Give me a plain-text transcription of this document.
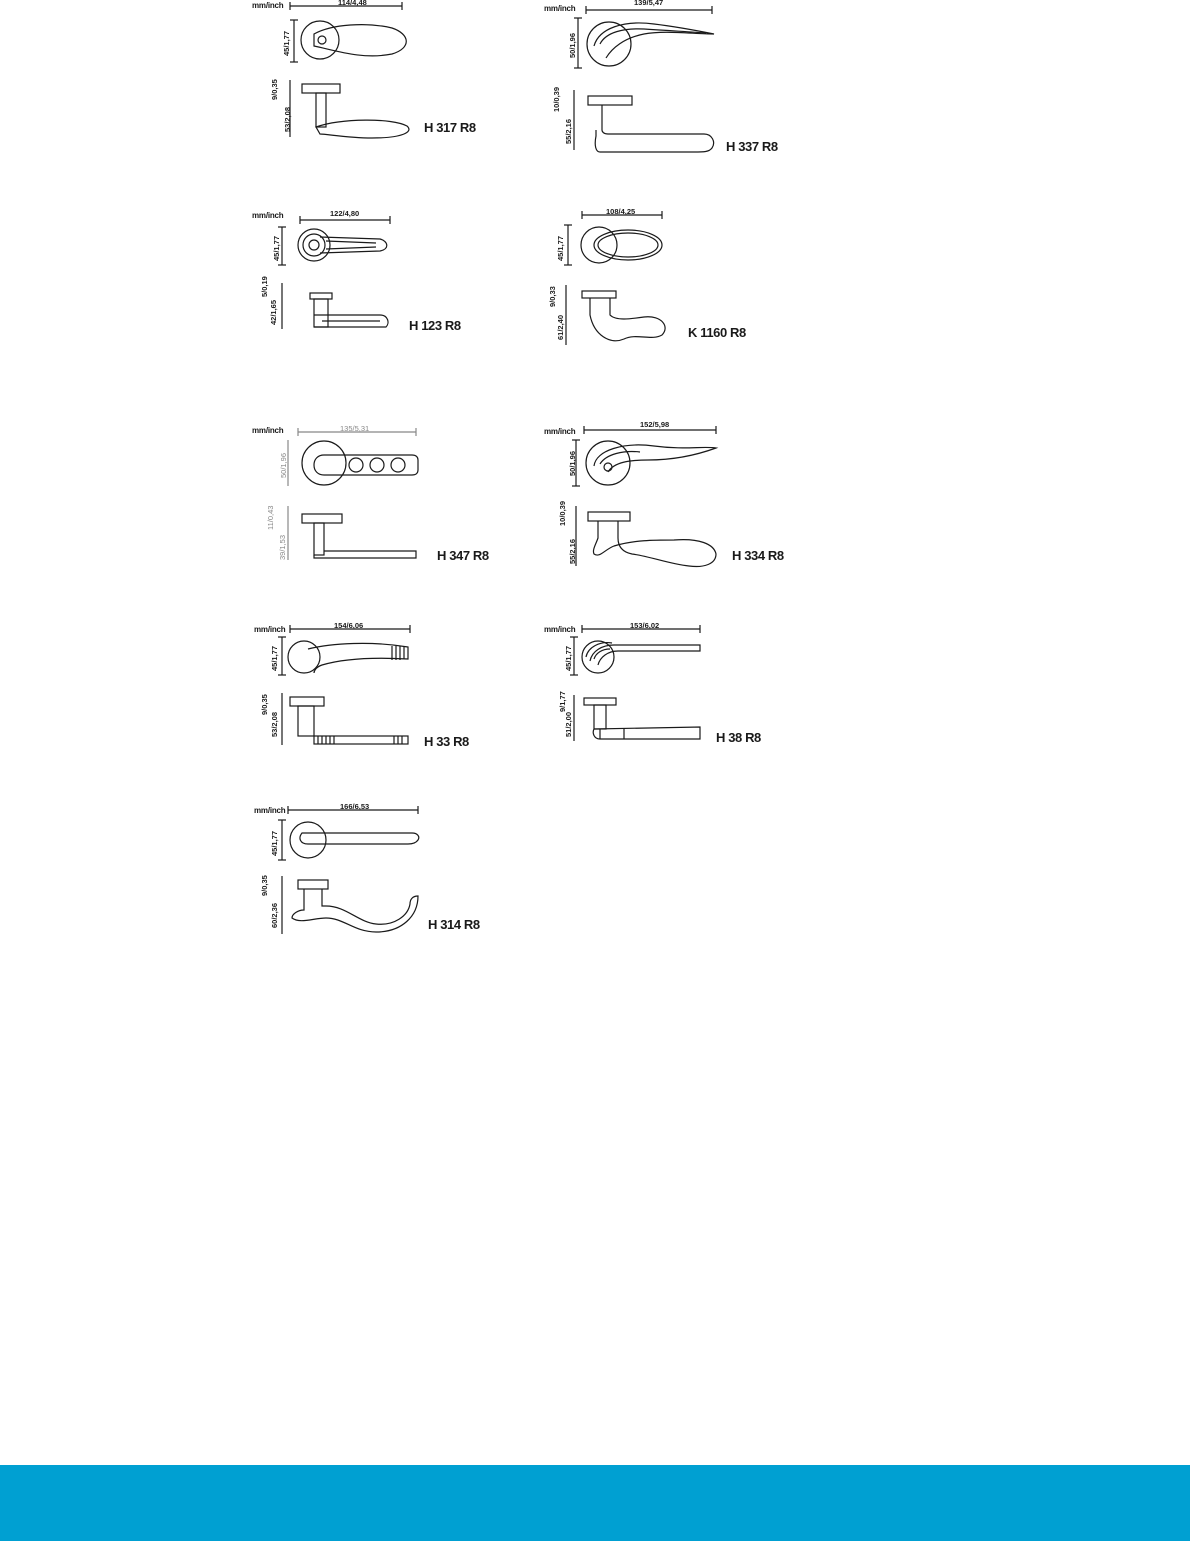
mm/inch	114/4,48
45/1,77
9/0,35
53/2,08	H 317 R8
mm/inch
139/5,47
50/1,96
10/0,39
55/2,16
H 337 R8
mm/inch	122/4,80
45/1,77
5/0,19
42/1,65
H 123 R8
108/4,25
45/1,77
9/0,33
61/2,40	K 1160 R8
mm/inch	135/5,31
50/1,96
11/0,43
39/1,53	H 347 R8
mm/inch
152/5,98
50/1,96
10/0,39
55/2,16	H 334 R8
mm/inch	154/6,06
45/1,77
9/0,35
53/2,08
H 33 R8
mm/inch	153/6,02
45/1,77
9/1,77
51/2,00
H 38 R8
mm/inch	166/6,53
45/1,77
9/0,35
60/2,36	H 314 R8
